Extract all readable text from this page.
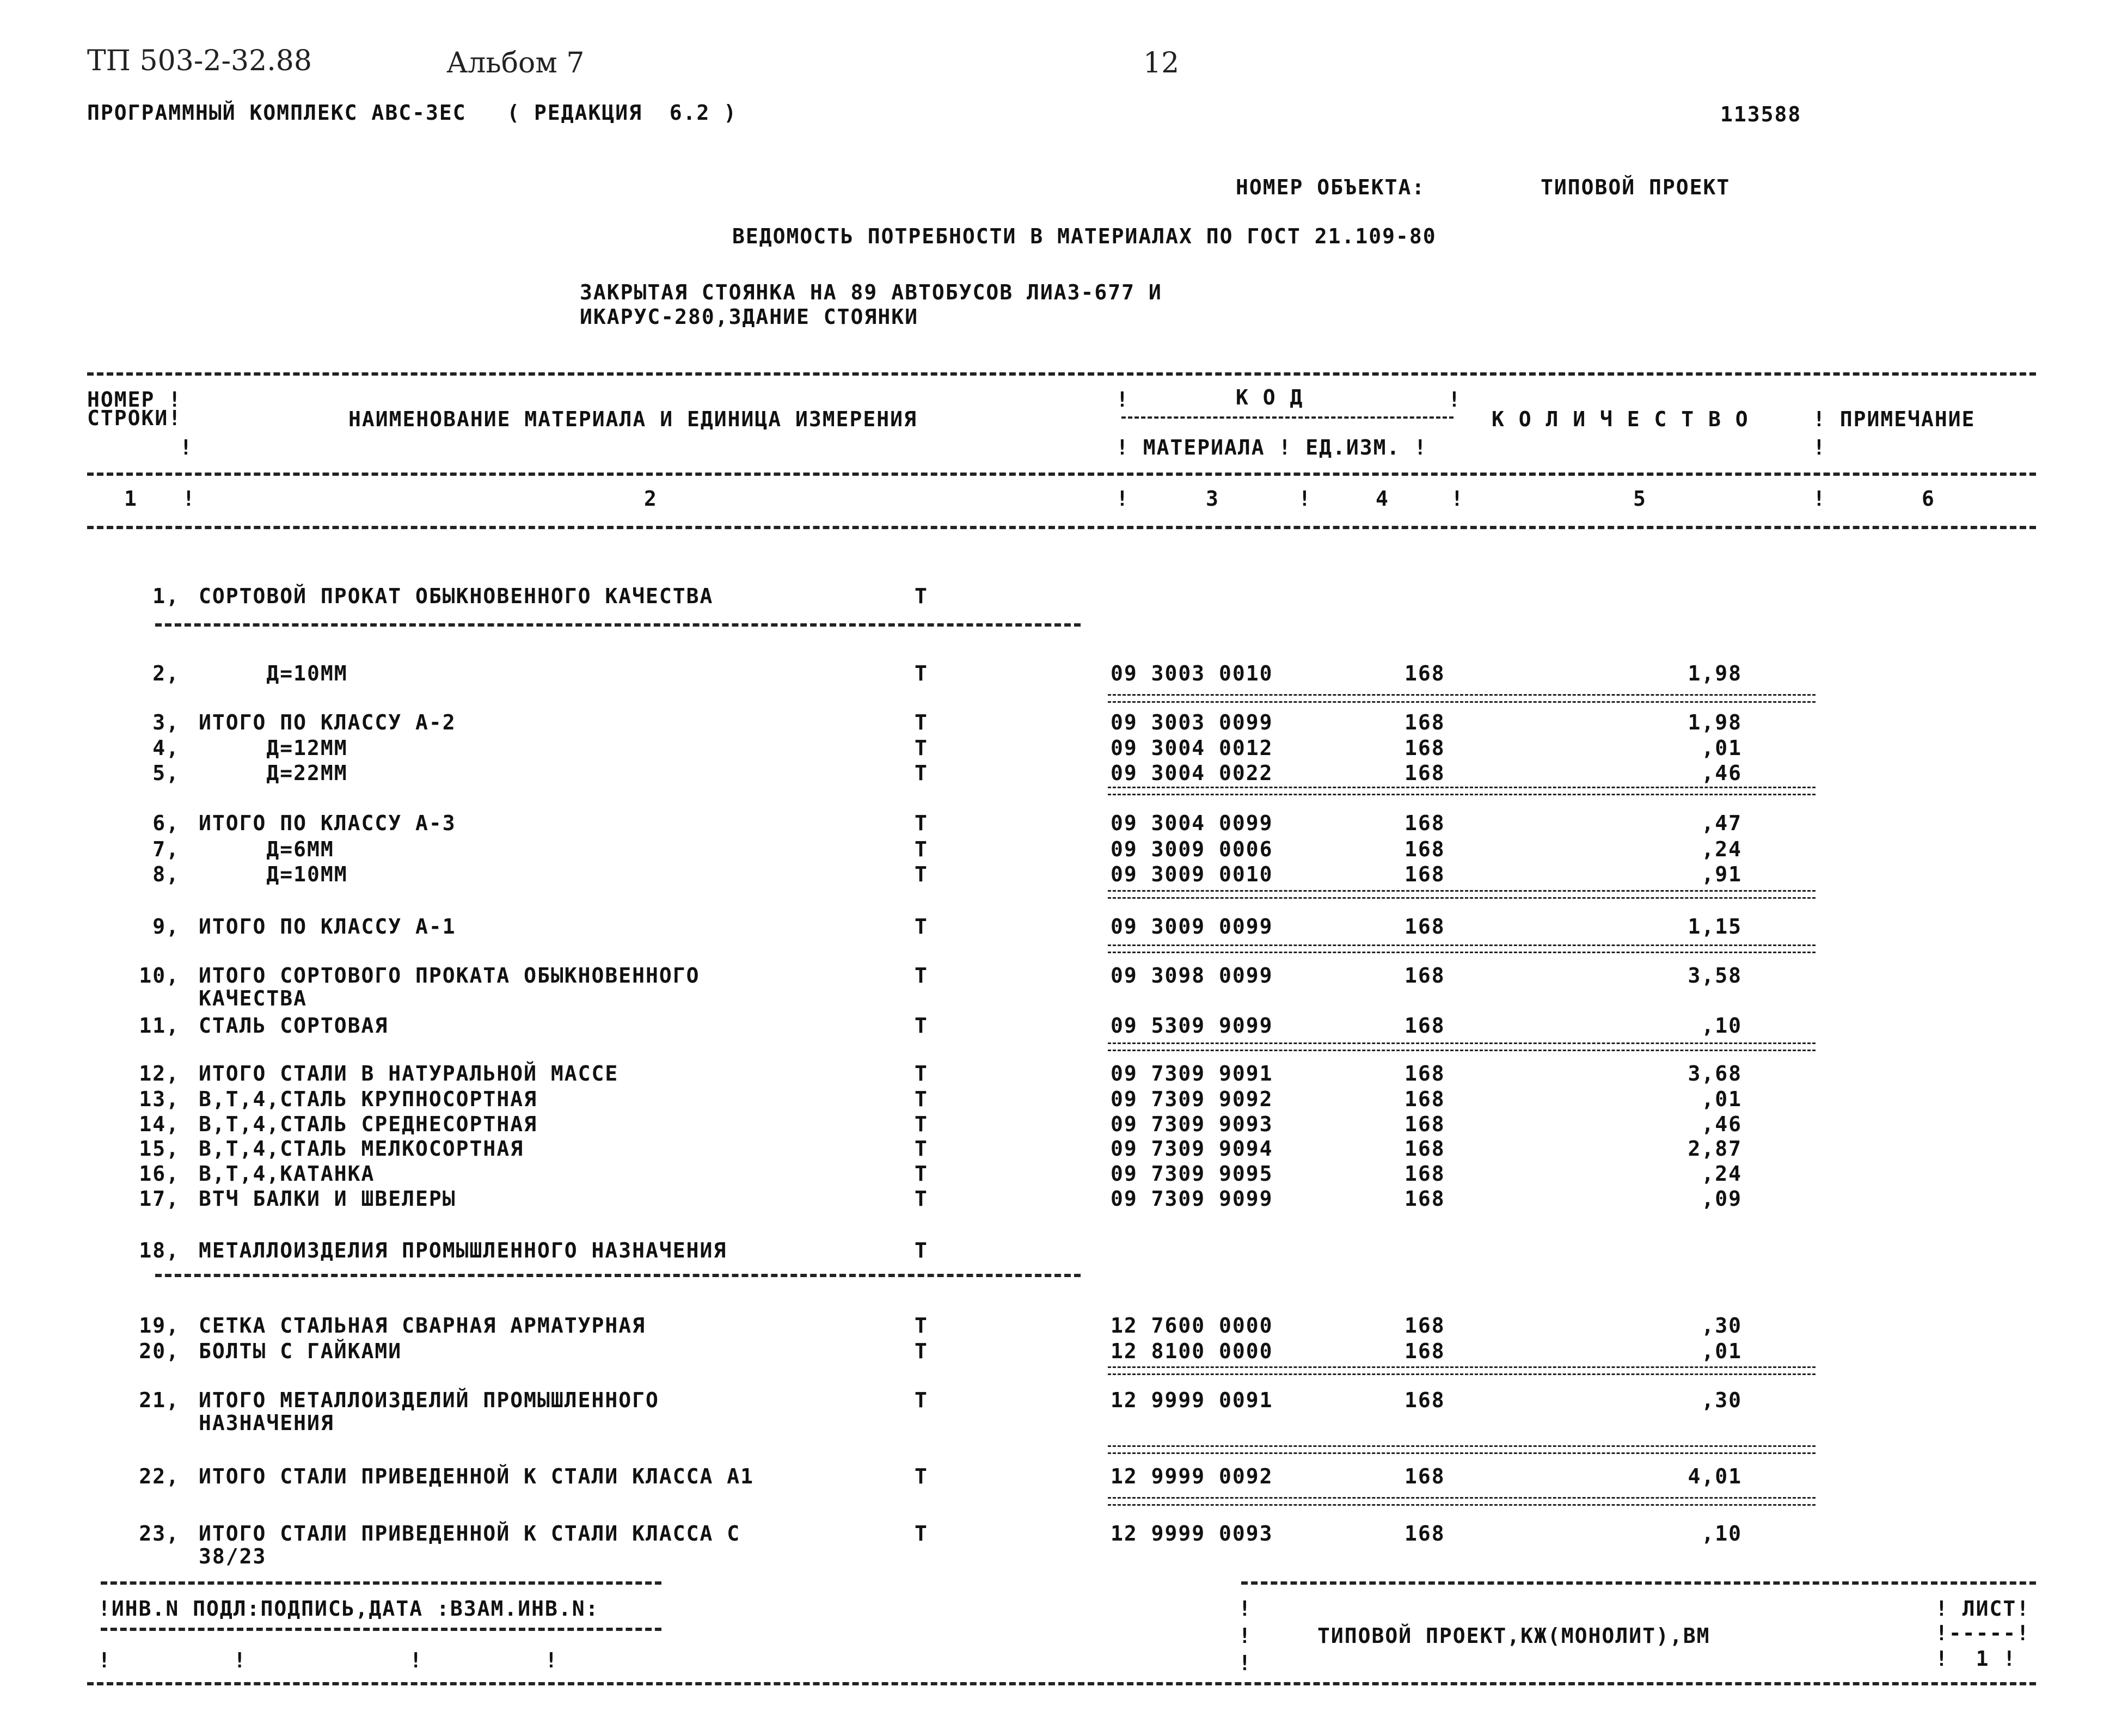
ТП 503-2-32.88	Альбом 7	12
ПРОГРАММНЫЙ КОМПЛЕКС АВС-3ЕС   ( РЕДАКЦИЯ  6.2 )	113588
НОМЕР ОБЪЕКТА:	ТИПОВОЙ ПРОЕКТ
ВЕДОМОСТЬ ПОТРЕБНОСТИ В МАТЕРИАЛАХ ПО ГОСТ 21.109-80
ЗАКРЫТАЯ СТОЯНКА НА 89 АВТОБУСОВ ЛИАЗ-677 И
ИКАРУС-280,ЗДАНИЕ СТОЯНКИ
НОМЕР !
СТРОКИ!
!
НАИМЕНОВАНИЕ МАТЕРИАЛА И ЕДИНИЦА ИЗМЕРЕНИЯ
!	К О Д	!
! МАТЕРИАЛА ! ЕД.ИЗМ. !
К О Л И Ч Е С Т В О	! ПРИМЕЧАНИЕ
!
1 !	2	!	3	!	4	!	5	!	6
1, СОРТОВОЙ ПРОКАТ ОБЫКНОВЕННОГО КАЧЕСТВА	Т
2, Д=10ММ	Т	09 3003 0010	168	1,98
3, ИТОГО ПО КЛАССУ А-2	Т	09 3003 0099	168	1,98
4, Д=12ММ	Т	09 3004 0012	168	,01
5, Д=22ММ	Т	09 3004 0022	168	,46
6, ИТОГО ПО КЛАССУ А-3	Т	09 3004 0099	168	,47
7, Д=6ММ	Т	09 3009 0006	168	,24
8, Д=10ММ	Т	09 3009 0010	168	,91
9, ИТОГО ПО КЛАССУ А-1	Т	09 3009 0099	168	1,15
10, ИТОГО СОРТОВОГО ПРОКАТА ОБЫКНОВЕННОГО
КАЧЕСТВА
Т	09 3098 0099	168	3,58
11, СТАЛЬ СОРТОВАЯ	Т	09 5309 9099	168	,10
12, ИТОГО СТАЛИ В НАТУРАЛЬНОЙ МАССЕ	Т	09 7309 9091	168	3,68
13, В,Т,4,СТАЛЬ КРУПНОСОРТНАЯ	Т	09 7309 9092	168	,01
14, В,Т,4,СТАЛЬ СРЕДНЕСОРТНАЯ	Т	09 7309 9093	168	,46
15, В,Т,4,СТАЛЬ МЕЛКОСОРТНАЯ	Т	09 7309 9094	168	2,87
16, В,Т,4,КАТАНКА	Т	09 7309 9095	168	,24
17, ВТЧ БАЛКИ И ШВЕЛЕРЫ	Т	09 7309 9099	168	,09
18, МЕТАЛЛОИЗДЕЛИЯ ПРОМЫШЛЕННОГО НАЗНАЧЕНИЯ	Т
19, СЕТКА СТАЛЬНАЯ СВАРНАЯ АРМАТУРНАЯ	Т	12 7600 0000	168	,30
20, БОЛТЫ С ГАЙКАМИ	Т	12 8100 0000	168	,01
21, ИТОГО МЕТАЛЛОИЗДЕЛИЙ ПРОМЫШЛЕННОГО
НАЗНАЧЕНИЯ
Т	12 9999 0091	168	,30
22, ИТОГО СТАЛИ ПРИВЕДЕННОЙ К СТАЛИ КЛАССА А1	Т	12 9999 0092	168	4,01
23, ИТОГО СТАЛИ ПРИВЕДЕННОЙ К СТАЛИ КЛАССА С
38/23
Т	12 9999 0093	168	,10
!ИНВ.N ПОДЛ:ПОДПИСЬ,ДАТА :ВЗАМ.ИНВ.N:
!         !            !         !
!
!
!
ТИПОВОЙ ПРОЕКТ,КЖ(МОНОЛИТ),ВМ
! ЛИСТ!
!-----!
!  1 !
